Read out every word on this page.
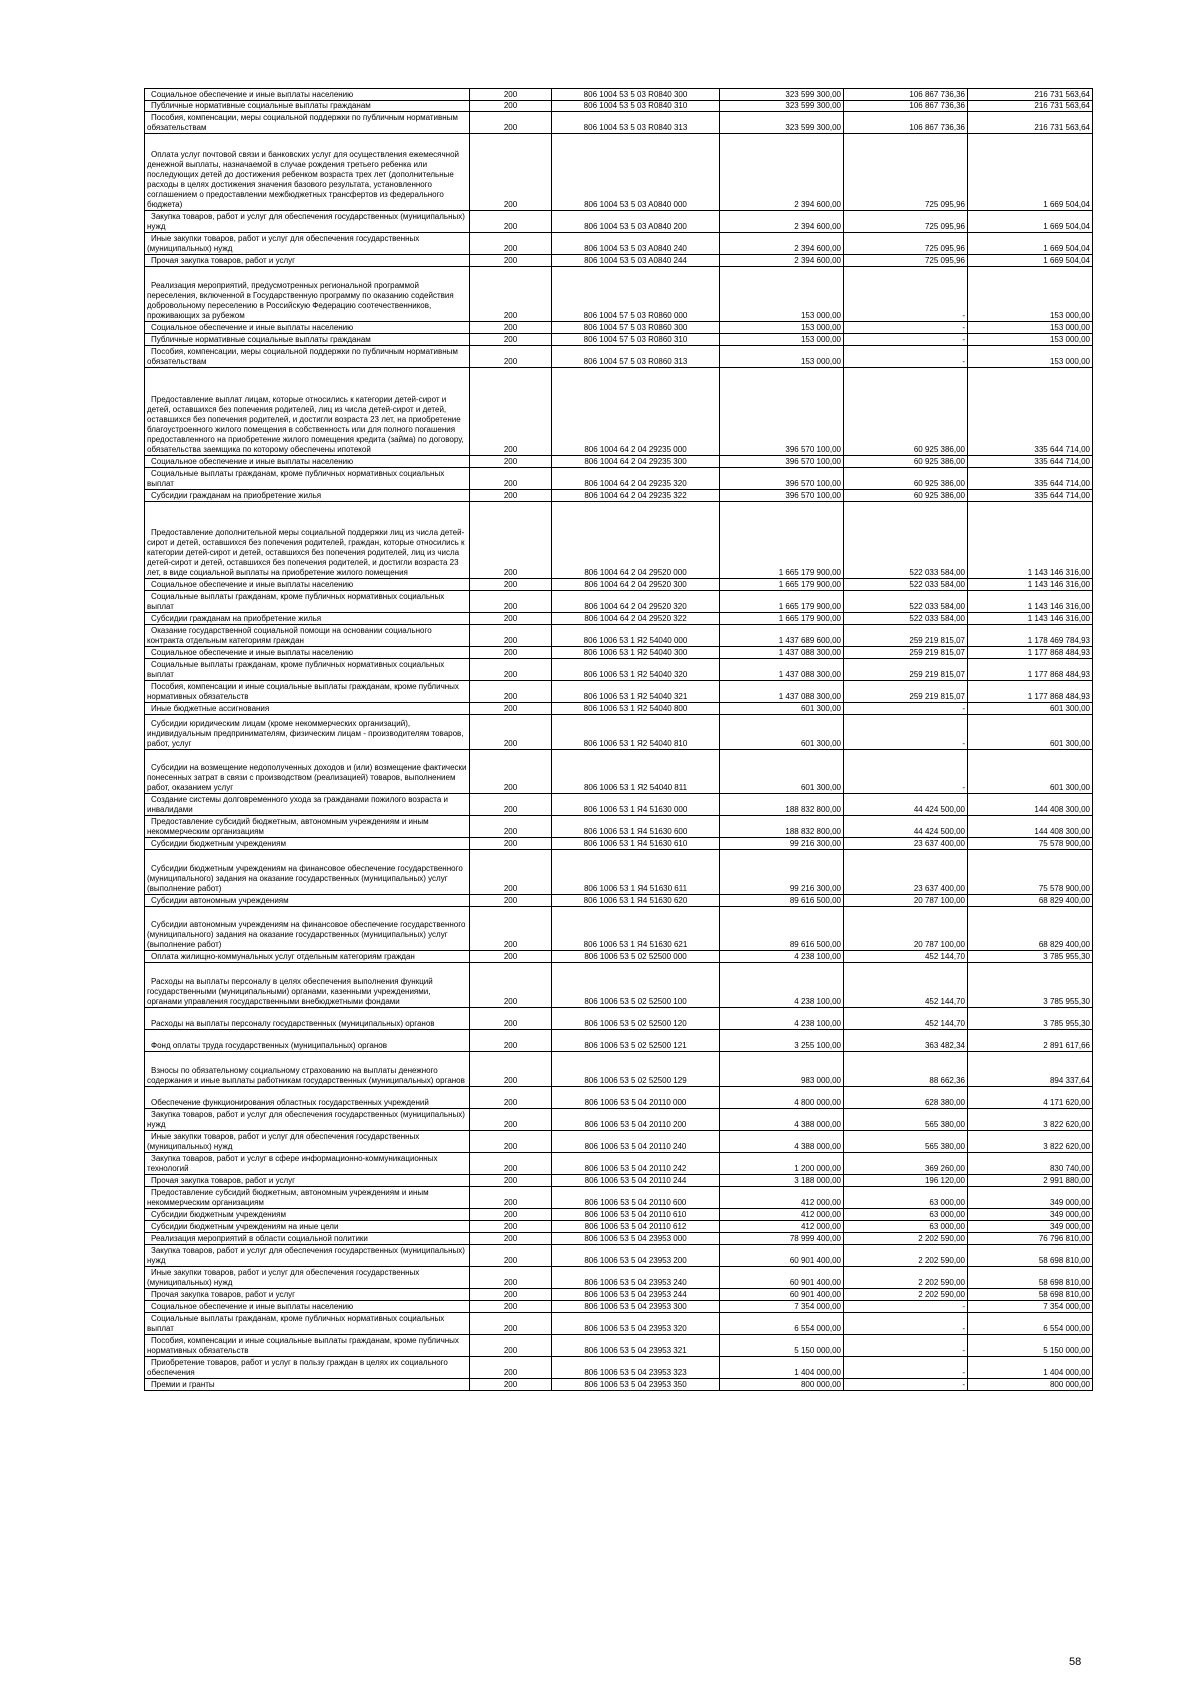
Социальное обеспечение и иные выплаты населению	200	806 1004 53 5 03 R0840 300	323 599 300,00	106 867 736,36	216 731 563,64
Публичные нормативные социальные выплаты гражданам	200	806 1004 53 5 03 R0840 310	323 599 300,00	106 867 736,36	216 731 563,64
Пособия, компенсации, меры социальной поддержки по публичным нормативным обязательствам	200	806 1004 53 5 03 R0840 313	323 599 300,00	106 867 736,36	216 731 563,64
Оплата услуг почтовой связи и банковских услуг для осуществления ежемесячной денежной выплаты, назначаемой в случае рождения третьего ребенка или последующих детей до достижения ребенком возраста трех лет (дополнительные расходы в целях достижения значения базового результата, установленного соглашением о предоставлении межбюджетных трансфертов из федерального бюджета)	200	806 1004 53 5 03 A0840 000	2 394 600,00	725 095,96	1 669 504,04
Закупка товаров, работ и услуг для обеспечения государственных (муниципальных) нужд	200	806 1004 53 5 03 A0840 200	2 394 600,00	725 095,96	1 669 504,04
Иные закупки товаров, работ и услуг для обеспечения государственных (муниципальных) нужд	200	806 1004 53 5 03 A0840 240	2 394 600,00	725 095,96	1 669 504,04
Прочая закупка товаров, работ и услуг	200	806 1004 53 5 03 A0840 244	2 394 600,00	725 095,96	1 669 504,04
Реализация мероприятий, предусмотренных региональной программой переселения, включенной в Государственную программу по оказанию содействия добровольному переселению в Российскую Федерацию соотечественников, проживающих за рубежом	200	806 1004 57 5 03 R0860 000	153 000,00	-	153 000,00
Социальное обеспечение и иные выплаты населению	200	806 1004 57 5 03 R0860 300	153 000,00	-	153 000,00
Публичные нормативные социальные выплаты гражданам	200	806 1004 57 5 03 R0860 310	153 000,00	-	153 000,00
Пособия, компенсации, меры социальной поддержки по публичным нормативным обязательствам	200	806 1004 57 5 03 R0860 313	153 000,00	-	153 000,00
Предоставление выплат лицам, которые относились к категории детей-сирот и детей, оставшихся без попечения родителей, лиц из числа детей-сирот и детей, оставшихся без попечения родителей, и достигли возраста 23 лет, на приобретение благоустроенного жилого помещения в собственность или для полного погашения предоставленного на приобретение жилого помещения кредита (займа) по договору, обязательства заемщика по которому обеспечены ипотекой	200	806 1004 64 2 04 29235 000	396 570 100,00	60 925 386,00	335 644 714,00
Социальное обеспечение и иные выплаты населению	200	806 1004 64 2 04 29235 300	396 570 100,00	60 925 386,00	335 644 714,00
Социальные выплаты гражданам, кроме публичных нормативных социальных выплат	200	806 1004 64 2 04 29235 320	396 570 100,00	60 925 386,00	335 644 714,00
Субсидии гражданам на приобретение жилья	200	806 1004 64 2 04 29235 322	396 570 100,00	60 925 386,00	335 644 714,00
Предоставление дополнительной меры социальной поддержки лиц из числа детей-сирот и детей, оставшихся без попечения родителей, граждан, которые относились к категории детей-сирот и детей, оставшихся без попечения родителей, лиц из числа детей-сирот и детей, оставшихся без попечения родителей, и достигли возраста 23 лет, в виде социальной выплаты на приобретение жилого помещения	200	806 1004 64 2 04 29520 000	1 665 179 900,00	522 033 584,00	1 143 146 316,00
Социальное обеспечение и иные выплаты населению	200	806 1004 64 2 04 29520 300	1 665 179 900,00	522 033 584,00	1 143 146 316,00
Социальные выплаты гражданам, кроме публичных нормативных социальных выплат	200	806 1004 64 2 04 29520 320	1 665 179 900,00	522 033 584,00	1 143 146 316,00
Субсидии гражданам на приобретение жилья	200	806 1004 64 2 04 29520 322	1 665 179 900,00	522 033 584,00	1 143 146 316,00
Оказание государственной социальной помощи на основании социального контракта отдельным категориям граждан	200	806 1006 53 1 Я2 54040 000	1 437 689 600,00	259 219 815,07	1 178 469 784,93
Социальное обеспечение и иные выплаты населению	200	806 1006 53 1 Я2 54040 300	1 437 088 300,00	259 219 815,07	1 177 868 484,93
Социальные выплаты гражданам, кроме публичных нормативных социальных выплат	200	806 1006 53 1 Я2 54040 320	1 437 088 300,00	259 219 815,07	1 177 868 484,93
Пособия, компенсации и иные социальные выплаты гражданам, кроме публичных нормативных обязательств	200	806 1006 53 1 Я2 54040 321	1 437 088 300,00	259 219 815,07	1 177 868 484,93
Иные бюджетные ассигнования	200	806 1006 53 1 Я2 54040 800	601 300,00	-	601 300,00
Субсидии юридическим лицам (кроме некоммерческих организаций), индивидуальным предпринимателям, физическим лицам - производителям товаров, работ, услуг	200	806 1006 53 1 Я2 54040 810	601 300,00	-	601 300,00
Субсидии на возмещение недополученных доходов и (или) возмещение фактически понесенных затрат в связи с производством (реализацией) товаров, выполнением работ, оказанием услуг	200	806 1006 53 1 Я2 54040 811	601 300,00	-	601 300,00
Создание системы долговременного ухода за гражданами пожилого возраста и инвалидами	200	806 1006 53 1 Я4 51630 000	188 832 800,00	44 424 500,00	144 408 300,00
Предоставление субсидий бюджетным, автономным учреждениям и иным некоммерческим организациям	200	806 1006 53 1 Я4 51630 600	188 832 800,00	44 424 500,00	144 408 300,00
Субсидии бюджетным учреждениям	200	806 1006 53 1 Я4 51630 610	99 216 300,00	23 637 400,00	75 578 900,00
Субсидии бюджетным учреждениям на финансовое обеспечение государственного (муниципального) задания на оказание государственных (муниципальных) услуг (выполнение работ)	200	806 1006 53 1 Я4 51630 611	99 216 300,00	23 637 400,00	75 578 900,00
Субсидии автономным учреждениям	200	806 1006 53 1 Я4 51630 620	89 616 500,00	20 787 100,00	68 829 400,00
Субсидии автономным учреждениям на финансовое обеспечение государственного (муниципального) задания на оказание государственных (муниципальных) услуг (выполнение работ)	200	806 1006 53 1 Я4 51630 621	89 616 500,00	20 787 100,00	68 829 400,00
Оплата жилищно-коммунальных услуг отдельным категориям граждан	200	806 1006 53 5 02 52500 000	4 238 100,00	452 144,70	3 785 955,30
Расходы на выплаты персоналу в целях обеспечения выполнения функций государственными (муниципальными) органами, казенными учреждениями, органами управления государственными внебюджетными фондами	200	806 1006 53 5 02 52500 100	4 238 100,00	452 144,70	3 785 955,30
Расходы на выплаты персоналу государственных (муниципальных) органов	200	806 1006 53 5 02 52500 120	4 238 100,00	452 144,70	3 785 955,30
Фонд оплаты труда государственных (муниципальных) органов	200	806 1006 53 5 02 52500 121	3 255 100,00	363 482,34	2 891 617,66
Взносы по обязательному социальному страхованию на выплаты денежного содержания и иные выплаты работникам государственных (муниципальных) органов	200	806 1006 53 5 02 52500 129	983 000,00	88 662,36	894 337,64
Обеспечение функционирования областных государственных учреждений	200	806 1006 53 5 04 20110 000	4 800 000,00	628 380,00	4 171 620,00
Закупка товаров, работ и услуг для обеспечения государственных (муниципальных) нужд	200	806 1006 53 5 04 20110 200	4 388 000,00	565 380,00	3 822 620,00
Иные закупки товаров, работ и услуг для обеспечения государственных (муниципальных) нужд	200	806 1006 53 5 04 20110 240	4 388 000,00	565 380,00	3 822 620,00
Закупка товаров, работ и услуг в сфере информационно-коммуникационных технологий	200	806 1006 53 5 04 20110 242	1 200 000,00	369 260,00	830 740,00
Прочая закупка товаров, работ и услуг	200	806 1006 53 5 04 20110 244	3 188 000,00	196 120,00	2 991 880,00
Предоставление субсидий бюджетным, автономным учреждениям и иным некоммерческим организациям	200	806 1006 53 5 04 20110 600	412 000,00	63 000,00	349 000,00
Субсидии бюджетным учреждениям	200	806 1006 53 5 04 20110 610	412 000,00	63 000,00	349 000,00
Субсидии бюджетным учреждениям на иные цели	200	806 1006 53 5 04 20110 612	412 000,00	63 000,00	349 000,00
Реализация мероприятий в области социальной политики	200	806 1006 53 5 04 23953 000	78 999 400,00	2 202 590,00	76 796 810,00
Закупка товаров, работ и услуг для обеспечения государственных (муниципальных) нужд	200	806 1006 53 5 04 23953 200	60 901 400,00	2 202 590,00	58 698 810,00
Иные закупки товаров, работ и услуг для обеспечения государственных (муниципальных) нужд	200	806 1006 53 5 04 23953 240	60 901 400,00	2 202 590,00	58 698 810,00
Прочая закупка товаров, работ и услуг	200	806 1006 53 5 04 23953 244	60 901 400,00	2 202 590,00	58 698 810,00
Социальное обеспечение и иные выплаты населению	200	806 1006 53 5 04 23953 300	7 354 000,00	-	7 354 000,00
Социальные выплаты гражданам, кроме публичных нормативных социальных выплат	200	806 1006 53 5 04 23953 320	6 554 000,00	-	6 554 000,00
Пособия, компенсации и иные социальные выплаты гражданам, кроме публичных нормативных обязательств	200	806 1006 53 5 04 23953 321	5 150 000,00	-	5 150 000,00
Приобретение товаров, работ и услуг в пользу граждан в целях их социального обеспечения	200	806 1006 53 5 04 23953 323	1 404 000,00	-	1 404 000,00
Премии и гранты	200	806 1006 53 5 04 23953 350	800 000,00	-	800 000,00
58
